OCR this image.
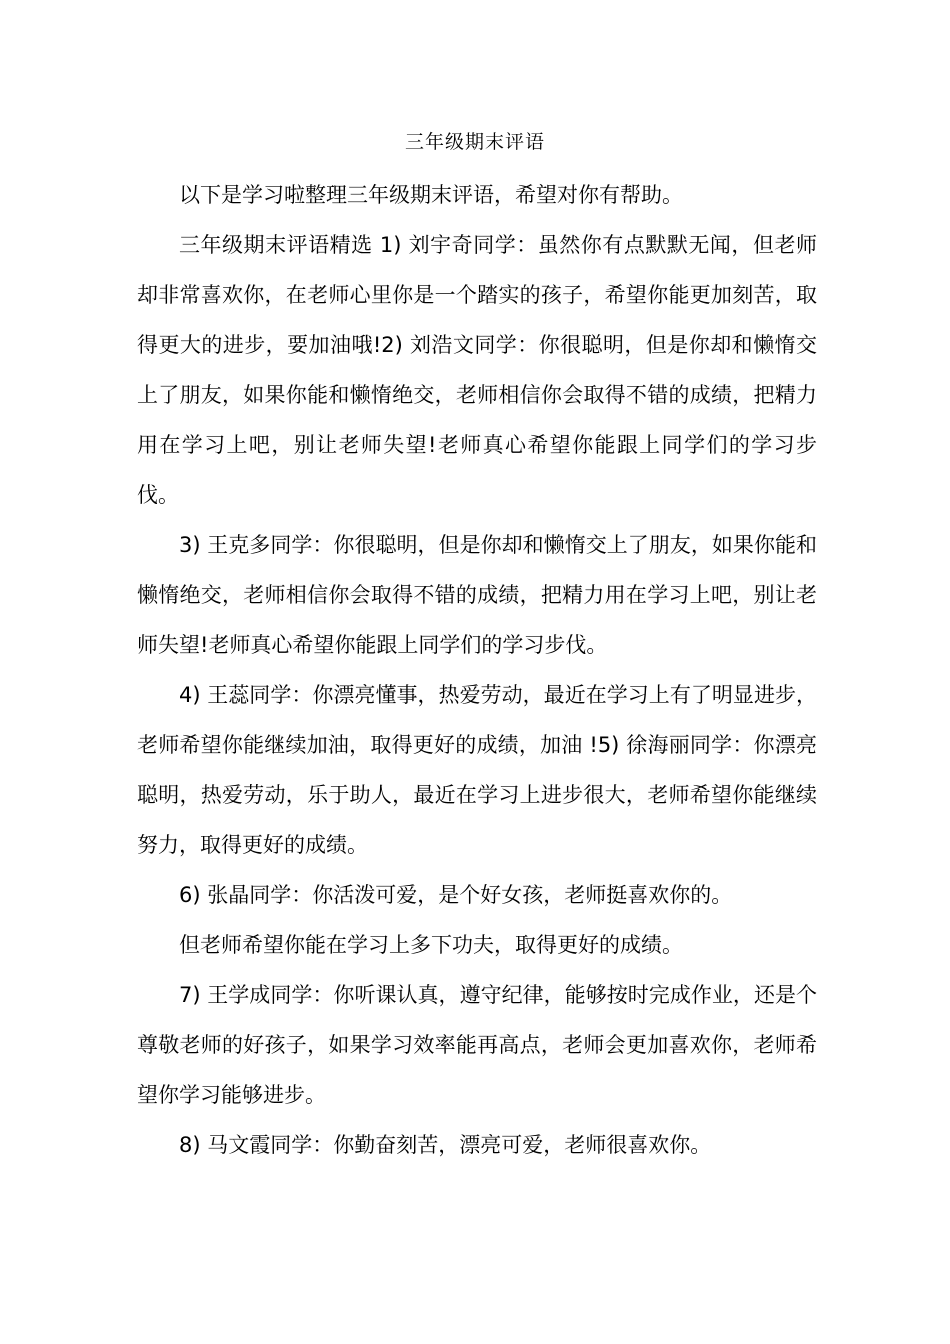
三年级期末评语

以下是学习啦整理三年级期末评语，希望对你有帮助。

三年级期末评语精选 1) 刘宇奇同学：虽然你有点默默无闻，但老师却非常喜欢你，在老师心里你是一个踏实的孩子，希望你能更加刻苦，取得更大的进步，要加油哦!2) 刘浩文同学：你很聪明，但是你却和懒惰交上了朋友，如果你能和懒惰绝交，老师相信你会取得不错的成绩，把精力用在学习上吧，别让老师失望!老师真心希望你能跟上同学们的学习步伐。

3) 王克多同学：你很聪明，但是你却和懒惰交上了朋友，如果你能和懒惰绝交，老师相信你会取得不错的成绩，把精力用在学习上吧，别让老师失望!老师真心希望你能跟上同学们的学习步伐。

4) 王蕊同学：你漂亮懂事，热爱劳动，最近在学习上有了明显进步，老师希望你能继续加油，取得更好的成绩，加油 !5) 徐海丽同学：你漂亮聪明，热爱劳动，乐于助人，最近在学习上进步很大，老师希望你能继续努力，取得更好的成绩。

6) 张晶同学：你活泼可爱，是个好女孩，老师挺喜欢你的。

但老师希望你能在学习上多下功夫，取得更好的成绩。

7) 王学成同学：你听课认真，遵守纪律，能够按时完成作业，还是个尊敬老师的好孩子，如果学习效率能再高点，老师会更加喜欢你，老师希望你学习能够进步。

8) 马文霞同学：你勤奋刻苦，漂亮可爱，老师很喜欢你。
